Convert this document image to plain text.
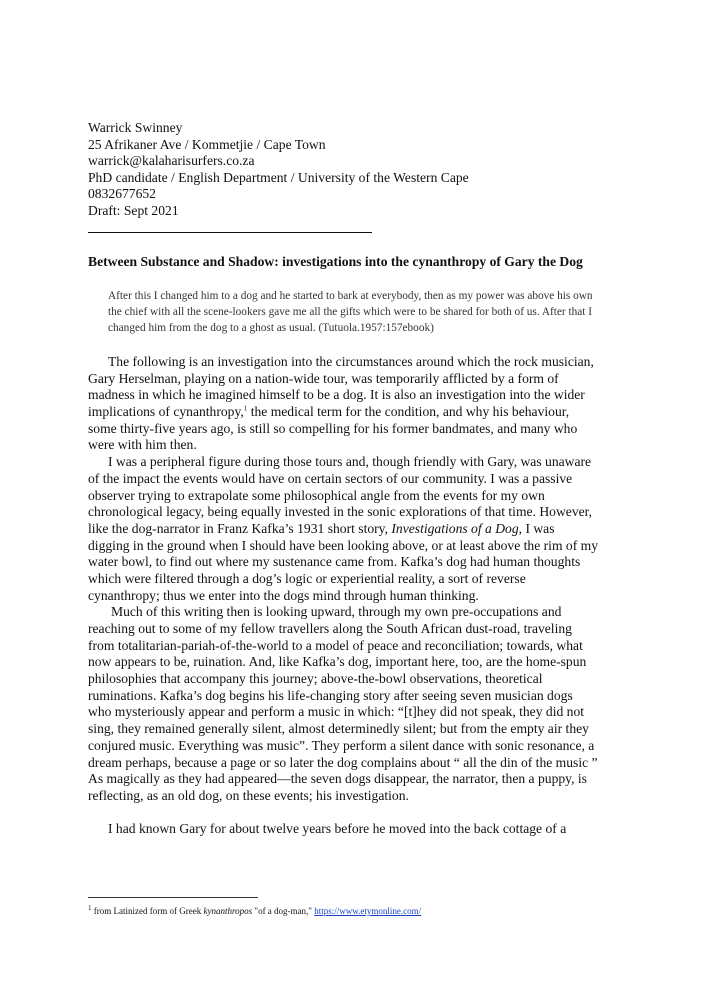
Warrick Swinney
25 Afrikaner Ave / Kommetjie / Cape Town
warrick@kalaharisurfers.co.za
PhD candidate / English Department / University of the Western Cape
0832677652
Draft: Sept 2021
Between Substance and Shadow: investigations into the cynanthropy of Gary the Dog
After this I changed him to a dog and he started to bark at everybody, then as my power was above his own
the chief with all the scene-lookers gave me all the gifts which were to be shared for both of us. After that I
changed him from the dog to a ghost as usual. (Tutuola.1957:157ebook)
The following is an investigation into the circumstances around which the rock musician,
Gary Herselman, playing on a nation-wide tour, was temporarily afflicted by a form of
madness in which he imagined himself to be a dog. It is also an investigation into the wider
implications of cynanthropy,$^1$ the medical term for the condition, and why his behaviour,
some thirty-five years ago, is still so compelling for his former bandmates, and many who
were with him then.
I was a peripheral figure during those tours and, though friendly with Gary, was unaware
of the impact the events would have on certain sectors of our community. I was a passive
observer trying to extrapolate some philosophical angle from the events for my own
chronological legacy, being equally invested in the sonic explorations of that time. However,
like the dog-narrator in Franz Kafka’s 1931 short story, Investigations of a Dog, I was
digging in the ground when I should have been looking above, or at least above the rim of my
water bowl, to find out where my sustenance came from. Kafka’s dog had human thoughts
which were filtered through a dog’s logic or experiential reality, a sort of reverse
cynanthropy; thus we enter into the dogs mind through human thinking.
Much of this writing then is looking upward, through my own pre-occupations and
reaching out to some of my fellow travellers along the South African dust-road, traveling
from totalitarian-pariah-of-the-world to a model of peace and reconciliation; towards, what
now appears to be, ruination. And, like Kafka’s dog, important here, too, are the home-spun
philosophies that accompany this journey; above-the-bowl observations, theoretical
ruminations. Kafka’s dog begins his life-changing story after seeing seven musician dogs
who mysteriously appear and perform a music in which: “[t]hey did not speak, they did not
sing, they remained generally silent, almost determinedly silent; but from the empty air they
conjured music. Everything was music”. They perform a silent dance with sonic resonance, a
dream perhaps, because a page or so later the dog complains about “ all the din of the music ”
As magically as they had appeared—the seven dogs disappear, the narrator, then a puppy, is
reflecting, as an old dog, on these events; his investigation.
I had known Gary for about twelve years before he moved into the back cottage of a
$^1$ from Latinized form of Greek kynanthropos "of a dog-man," https://www.etymonline.com/
